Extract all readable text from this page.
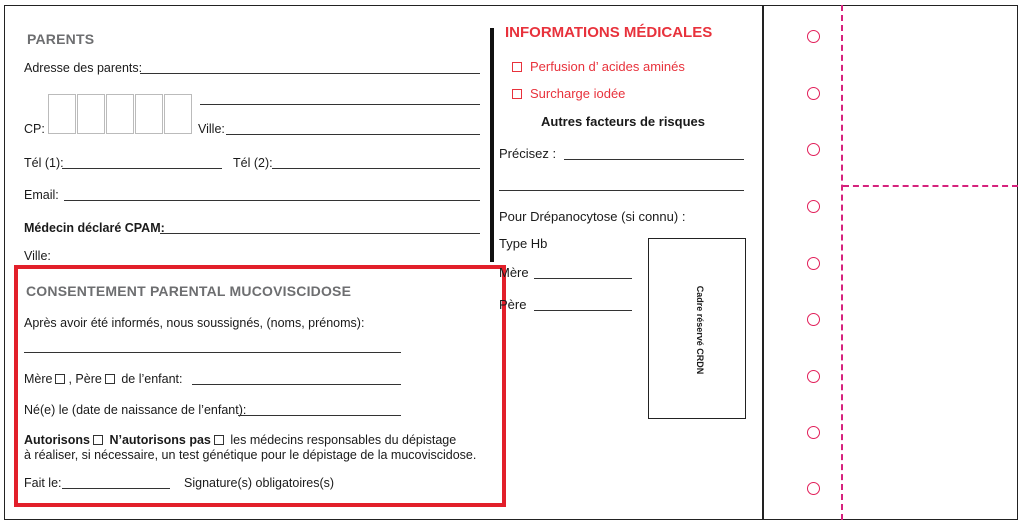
PARENTS
Adresse des parents:
CP:	Ville:
Tél (1):	Tél (2):
Email:
Médecin déclaré CPAM:
Ville:
CONSENTEMENT PARENTAL MUCOVISCIDOSE
Après avoir été informés, nous soussignés, (noms, prénoms):
Mère , Père de l’enfant:
Né(e) le (date de naissance de l’enfant):
Autorisons N’autorisons pas les médecins responsables du dépistage
à réaliser, si nécessaire, un test génétique pour le dépistage de la mucoviscidose.
Fait le:	Signature(s) obligatoires(s)
INFORMATIONS MÉDICALES
Perfusion d’ acides aminés
Surcharge iodée
Autres facteurs de risques
Précisez :
Pour Drépanocytose (si connu) :
Type Hb
Mère
Père	Cadre réservé CRDN
